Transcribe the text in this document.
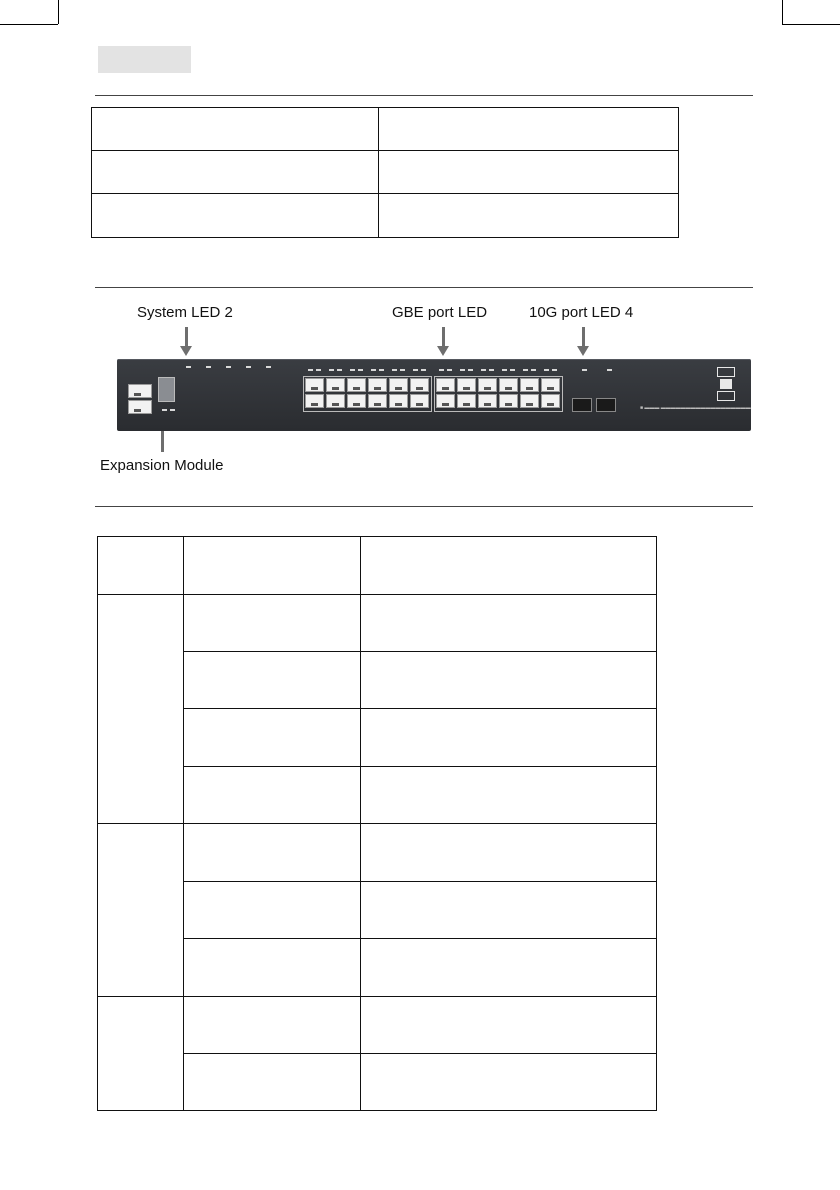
System LED 2	GBE port LED	10G port LED 4
Expansion Module
■ ▬▬▬ ▬▬▬▬▬▬▬▬▬▬▬▬▬▬▬▬▬▬
